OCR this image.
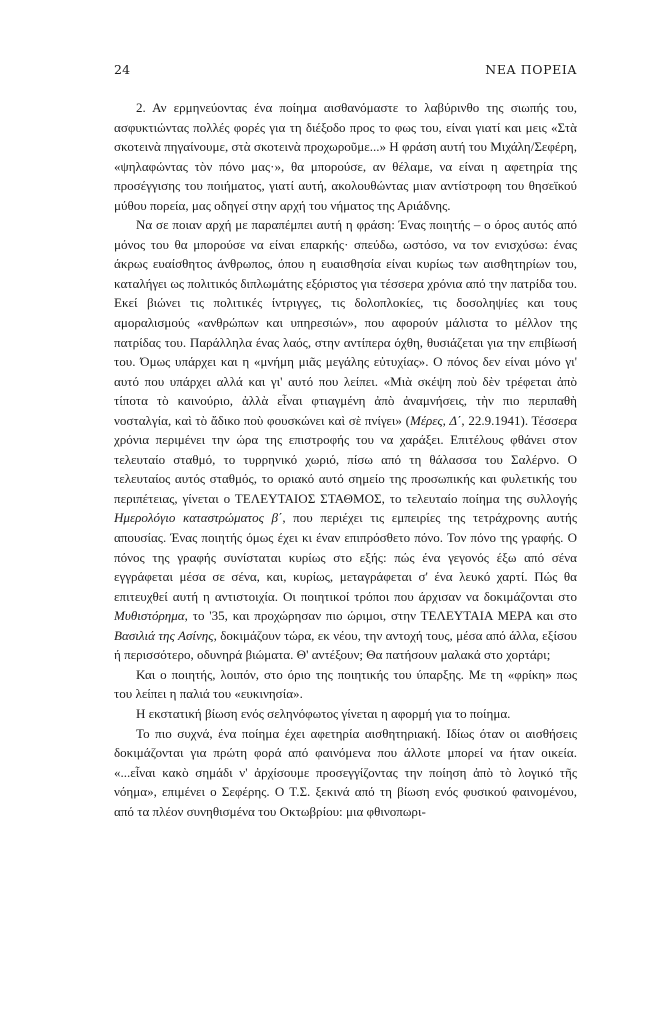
24	ΝΕΑ ΠΟΡΕΙΑ

2. Αν ερμηνεύοντας ένα ποίημα αισθανόμαστε το λαβύρινθο της σιωπής του, ασφυκτιώντας πολλές φορές για τη διέξοδο προς το φως του, είναι γιατί και μεις «Στὰ σκοτεινὰ πηγαίνουμε, στὰ σκοτεινὰ προχωροῦμε...» Η φράση αυτή του Μιχάλη/Σεφέρη, «ψηλαφώντας τὸν πόνο μας·», θα μπορούσε, αν θέλαμε, να είναι η αφετηρία της προσέγγισης του ποιήματος, γιατί αυτή, ακολουθώντας μιαν αντίστροφη του θησεϊκού μύθου πορεία, μας οδηγεί στην αρχή του νήματος της Αριάδνης.

Να σε ποιαν αρχή με παραπέμπει αυτή η φράση: Ένας ποιητής – ο όρος αυτός από μόνος του θα μπορούσε να είναι επαρκής· σπεύδω, ωστόσο, να τον ενισχύσω: ένας άκρως ευαίσθητος άνθρωπος, όπου η ευαισθησία είναι κυρίως των αισθητηρίων του, καταλήγει ως πολιτικός διπλωμάτης εξόριστος για τέσσερα χρόνια από την πατρίδα του. Εκεί βιώνει τις πολιτικές ίντριγγες, τις δολοπλοκίες, τις δοσοληψίες και τους αμοραλισμούς «ανθρώπων και υπηρεσιών», που αφορούν μάλιστα το μέλλον της πατρίδας του. Παράλληλα ένας λαός, στην αντίπερα όχθη, θυσιάζεται για την επιβίωσή του. Όμως υπάρχει και η «μνήμη μιᾶς μεγάλης εὐτυχίας». Ο πόνος δεν είναι μόνο γι' αυτό που υπάρχει αλλά και γι' αυτό που λείπει. «Μιὰ σκέψη ποὺ δὲν τρέφεται ἀπὸ τίποτα τὸ καινούριο, ἀλλὰ εἶναι φτιαγμένη ἀπὸ ἀναμνήσεις, τὴν πιο περιπαθὴ νοσταλγία, καὶ τὸ ἄδικο ποὺ φουσκώνει καὶ σὲ πνίγει» (Μέρες, Δ΄, 22.9.1941). Τέσσερα χρόνια περιμένει την ώρα της επιστροφής του να χαράξει. Επιτέλους φθάνει στον τελευταίο σταθμό, το τυρρηνικό χωριό, πίσω από τη θάλασσα του Σαλέρνο. Ο τελευταίος αυτός σταθμός, το οριακό αυτό σημείο της προσωπικής και φυλετικής του περιπέτειας, γίνεται ο ΤΕΛΕΥΤΑΙΟΣ ΣΤΑΘΜΟΣ, το τελευταίο ποίημα της συλλογής Ημερολόγιο καταστρώματος β΄, που περιέχει τις εμπειρίες της τετράχρονης αυτής απουσίας. Ένας ποιητής όμως έχει κι έναν επιπρόσθετο πόνο. Τον πόνο της γραφής. Ο πόνος της γραφής συνίσταται κυρίως στο εξής: πώς ένα γεγονός έξω από σένα εγγράφεται μέσα σε σένα, και, κυρίως, μεταγράφεται σ' ένα λευκό χαρτί. Πώς θα επιτευχθεί αυτή η αντιστοιχία. Οι ποιητικοί τρόποι που άρχισαν να δοκιμάζονται στο Μυθιστόρημα, το '35, και προχώρησαν πιο ώριμοι, στην ΤΕΛΕΥΤΑΙΑ ΜΕΡΑ και στο Βασιλιά της Ασίνης, δοκιμάζουν τώρα, εκ νέου, την αντοχή τους, μέσα από άλλα, εξίσου ή περισσότερο, οδυνηρά βιώματα. Θ' αντέξουν; Θα πατήσουν μαλακά στο χορτάρι;

Και ο ποιητής, λοιπόν, στο όριο της ποιητικής του ύπαρξης. Με τη «φρίκη» πως του λείπει η παλιά του «ευκινησία».

Η εκστατική βίωση ενός σεληνόφωτος γίνεται η αφορμή για το ποίημα.

Το πιο συχνά, ένα ποίημα έχει αφετηρία αισθητηριακή. Ιδίως όταν οι αισθήσεις δοκιμάζονται για πρώτη φορά από φαινόμενα που άλλοτε μπορεί να ήταν οικεία. «...εἶναι κακὸ σημάδι ν' ἀρχίσουμε προσεγγίζοντας την ποίηση ἀπὸ τὸ λογικό τῆς νόημα», επιμένει ο Σεφέρης. Ο Τ.Σ. ξεκινά από τη βίωση ενός φυσικού φαινομένου, από τα πλέον συνηθισμένα του Οκτωβρίου: μια φθινοπωρι-
